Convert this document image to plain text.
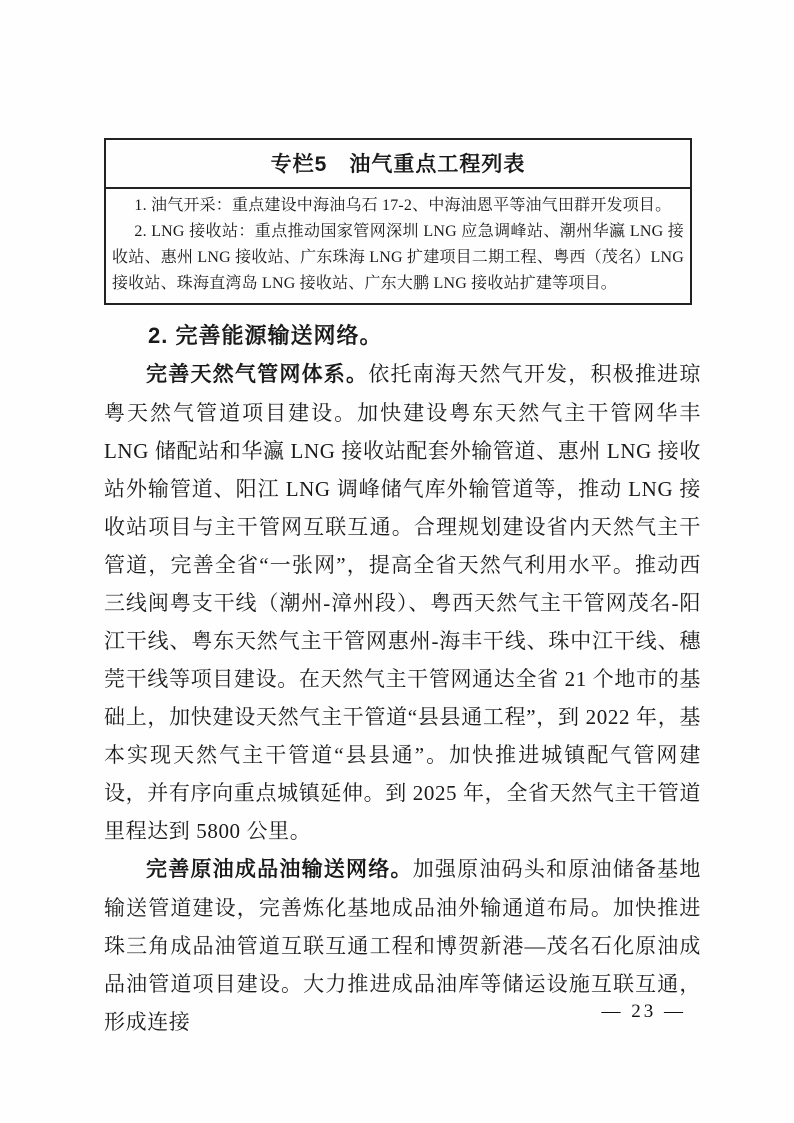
专栏5　油气重点工程列表

1. 油气开采：重点建设中海油乌石 17-2、中海油恩平等油气田群开发项目。

2. LNG 接收站：重点推动国家管网深圳 LNG 应急调峰站、潮州华瀛 LNG 接收站、惠州 LNG 接收站、广东珠海 LNG 扩建项目二期工程、粤西（茂名）LNG 接收站、珠海直湾岛 LNG 接收站、广东大鹏 LNG 接收站扩建等项目。

2. 完善能源输送网络。

完善天然气管网体系。依托南海天然气开发，积极推进琼粤天然气管道项目建设。加快建设粤东天然气主干管网华丰 LNG 储配站和华瀛 LNG 接收站配套外输管道、惠州 LNG 接收站外输管道、阳江 LNG 调峰储气库外输管道等，推动 LNG 接收站项目与主干管网互联互通。合理规划建设省内天然气主干管道，完善全省“一张网”，提高全省天然气利用水平。推动西三线闽粤支干线（潮州-漳州段）、粤西天然气主干管网茂名-阳江干线、粤东天然气主干管网惠州-海丰干线、珠中江干线、穗莞干线等项目建设。在天然气主干管网通达全省 21 个地市的基础上，加快建设天然气主干管道“县县通工程”，到 2022 年，基本实现天然气主干管道“县县通”。加快推进城镇配气管网建设，并有序向重点城镇延伸。到 2025 年，全省天然气主干管道里程达到 5800 公里。

完善原油成品油输送网络。加强原油码头和原油储备基地输送管道建设，完善炼化基地成品油外输通道布局。加快推进珠三角成品油管道互联互通工程和博贺新港—茂名石化原油成品油管道项目建设。大力推进成品油库等储运设施互联互通，形成连接	— 23 —
